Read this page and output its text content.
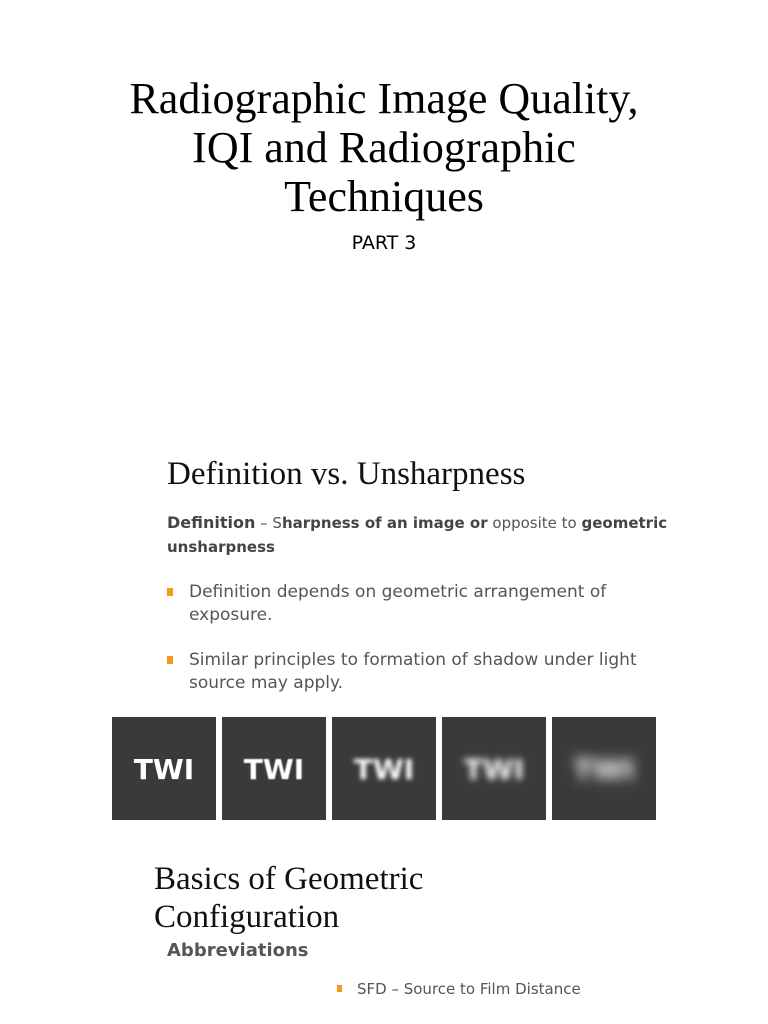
Radiographic Image Quality,
IQI and Radiographic
Techniques
PART 3
Definition vs. Unsharpness
Definition – Sharpness of an image or opposite to geometric unsharpness
Definition depends on geometric arrangement of exposure.
Similar principles to formation of shadow under light source may apply.
TWI TWI TWI TWI TWI
Basics of Geometric
Configuration
Abbreviations
SFD – Source to Film Distance
